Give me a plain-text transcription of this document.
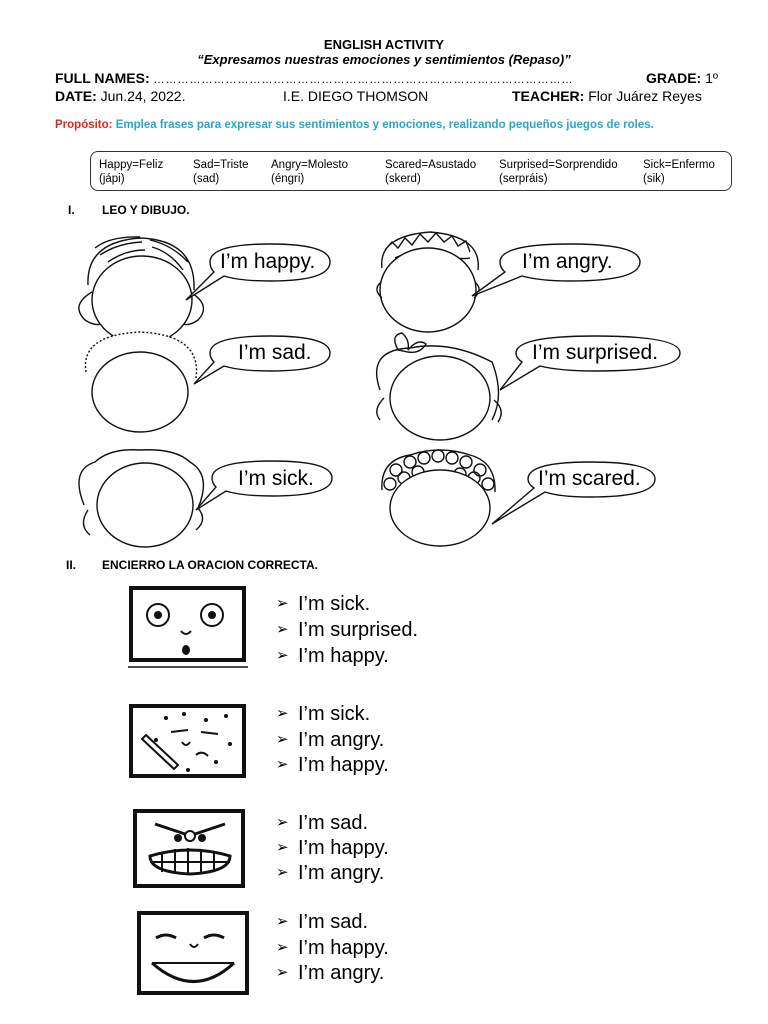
ENGLISH ACTIVITY
“Expresamos nuestras emociones y sentimientos (Repaso)”
FULL NAMES: ……………………………………………………………………………………………	GRADE: 1º
DATE: Jun.24, 2022.	I.E. DIEGO THOMSON	TEACHER: Flor Juárez Reyes
Propósito: Emplea frases para expresar sus sentimientos y emociones, realizando pequeños juegos de roles.
Happy=Feliz
(jápi)
Sad=Triste
(sad)
Angry=Molesto
(éngri)
Scared=Asustado
(skerd)
Surprised=Sorprendido
(serpráis)
Sick=Enfermo
(sik)
I. LEO Y DIBUJO.
I’m happy.	I’m angry.
I’m sad.	I’m surprised.
I’m sick.	I’m scared.
II. ENCIERRO LA ORACION CORRECTA.
➢ I’m sick.
➢ I’m surprised.
➢ I’m happy.
➢ I’m sick.
➢ I’m angry.
➢ I’m happy.
➢ I’m sad.
➢ I’m happy.
➢ I’m angry.
➢ I’m sad.
➢ I’m happy.
➢ I’m angry.
